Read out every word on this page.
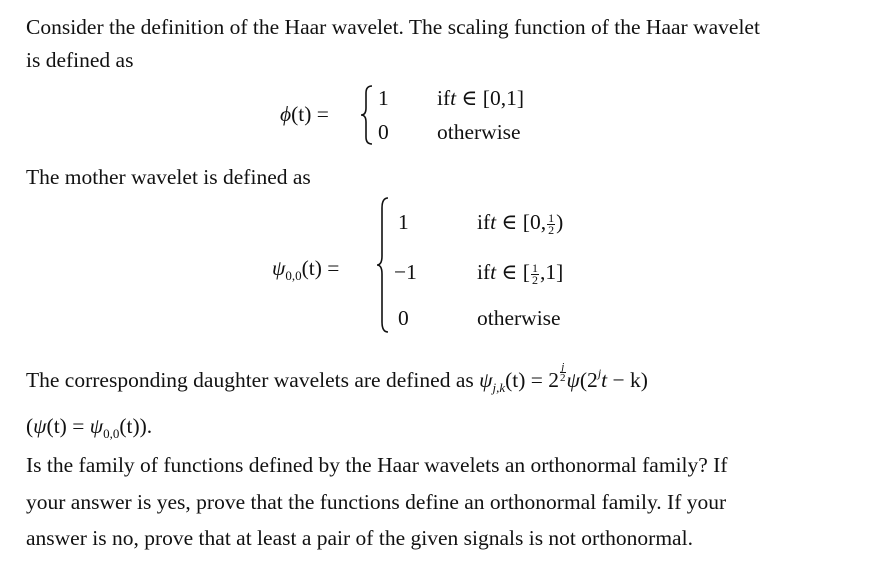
Consider the definition of the Haar wavelet. The scaling function of the Haar wavelet
is defined as
ϕ(t) =
1
0
ift ∈ [0,1]
otherwise
The mother wavelet is defined as
$\psi_{0,0}(t)$ =
1
−1
0
ift ∈ [0, $\frac{1}{2}$ )
ift ∈ [ $\frac{1}{2} ,1$]
otherwise
The corresponding daughter wavelets are defined as $\psi_{j,k}(t) = 2 \frac{j}{2} \psi(2^jt - k)$
$(\psi(t) = \psi_{0,0}(t))$.
Is the family of functions defined by the Haar wavelets an orthonormal family? If
your answer is yes, prove that the functions define an orthonormal family. If your
answer is no, prove that at least a pair of the given signals is not orthonormal.
